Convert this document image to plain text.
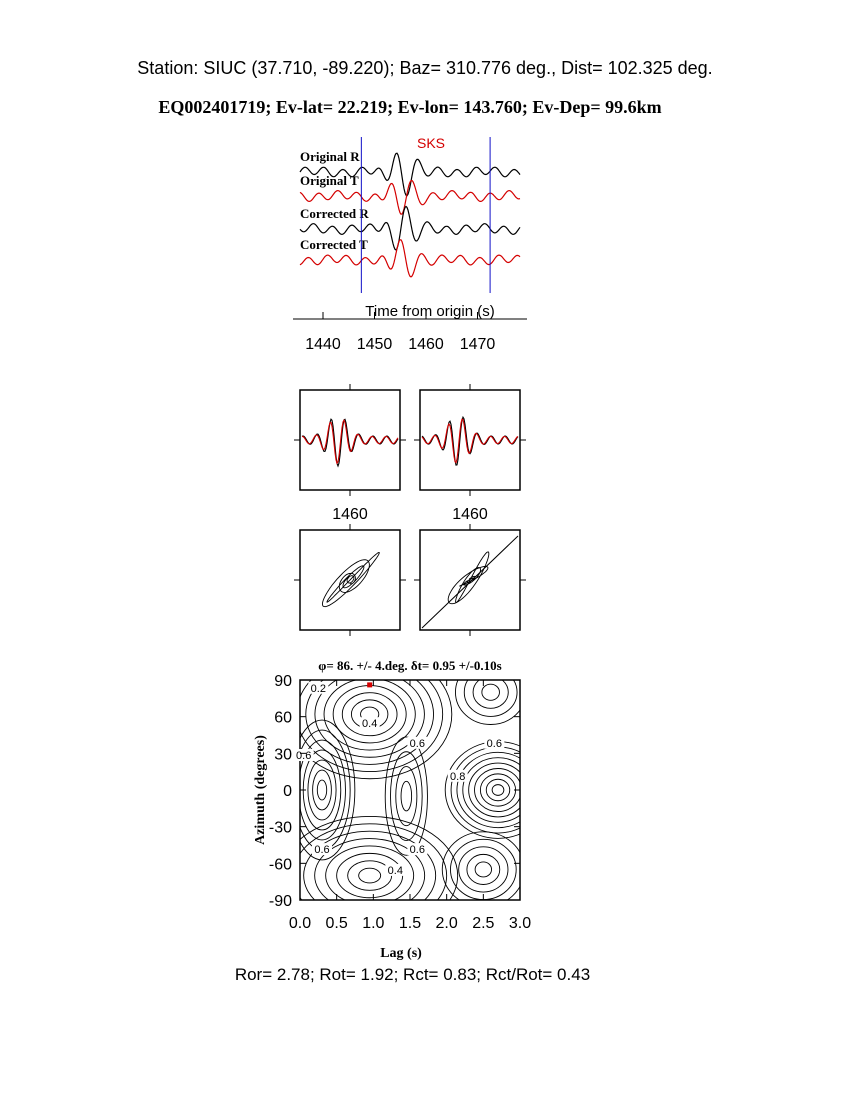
Station: SIUC (37.710, -89.220); Baz= 310.776 deg., Dist= 102.325 deg.
EQ002401719; Ev-lat= 22.219; Ev-lon= 143.760; Ev-Dep= 99.6km
Original R
Original T
Corrected R
Corrected T
SKS
Time from origin (s)
1440 1450 1460 1470
1460	1460
0.2
0.4
0.6	0.6
0.6
0.8
0.6	0.6
0.4
φ= 86. +/- 4.deg. δt= 0.95 +/-0.10s
0.0 0.5 1.0 1.5 2.0 2.5 3.0
90
60
30
0
-30
-60
-90
Lag (s)
Azimuth (degrees)
Ror= 2.78; Rot= 1.92; Rct= 0.83; Rct/Rot= 0.43
